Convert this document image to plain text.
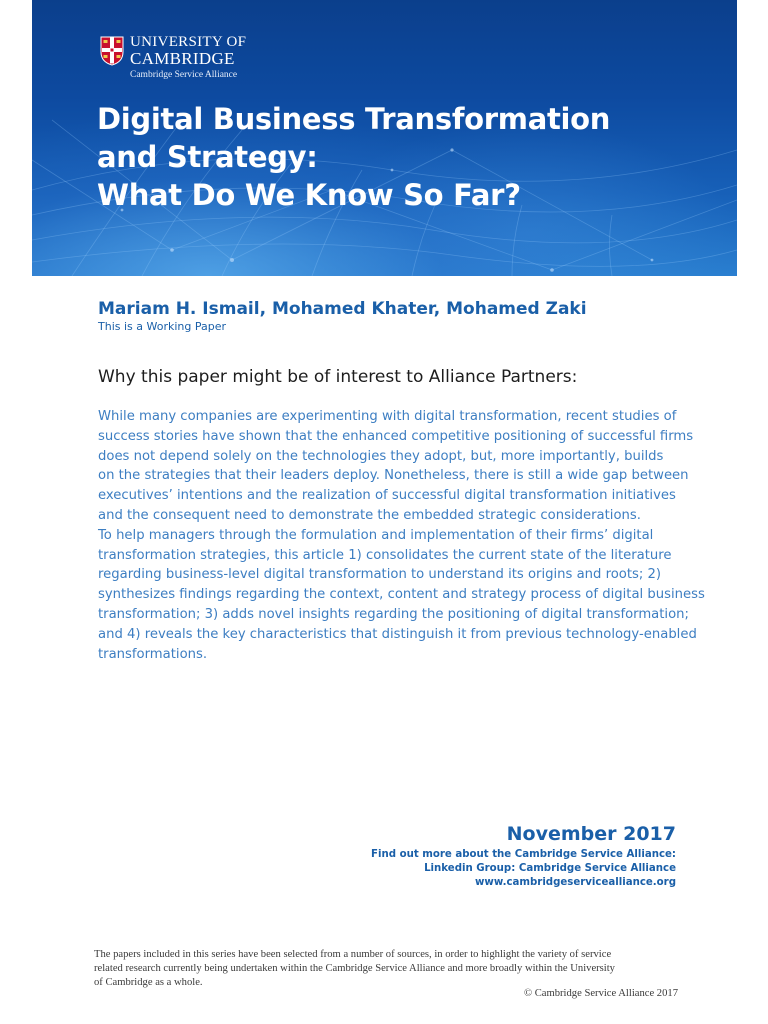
UNIVERSITY OF
CAMBRIDGE
Cambridge Service Alliance
Digital Business Transformation
and Strategy:
What Do We Know So Far?
Mariam H. Ismail, Mohamed Khater, Mohamed Zaki
This is a Working Paper
Why this paper might be of interest to Alliance Partners:
While many companies are experimenting with digital transformation, recent studies of
success stories have shown that the enhanced competitive positioning of successful firms
does not depend solely on the technologies they adopt, but, more importantly, builds
on the strategies that their leaders deploy. Nonetheless, there is still a wide gap between
executives’ intentions and the realization of successful digital transformation initiatives
and the consequent need to demonstrate the embedded strategic considerations.
To help managers through the formulation and implementation of their firms’ digital
transformation strategies, this article 1) consolidates the current state of the literature
regarding business-level digital transformation to understand its origins and roots; 2)
synthesizes findings regarding the context, content and strategy process of digital business
transformation; 3) adds novel insights regarding the positioning of digital transformation;
and 4) reveals the key characteristics that distinguish it from previous technology-enabled
transformations.
November 2017
Find out more about the Cambridge Service Alliance:
Linkedin Group: Cambridge Service Alliance
www.cambridgeservicealliance.org
The papers included in this series have been selected from a number of sources, in order to highlight the variety of service
related research currently being undertaken within the Cambridge Service Alliance and more broadly within the University
of Cambridge as a whole.
© Cambridge Service Alliance 2017
